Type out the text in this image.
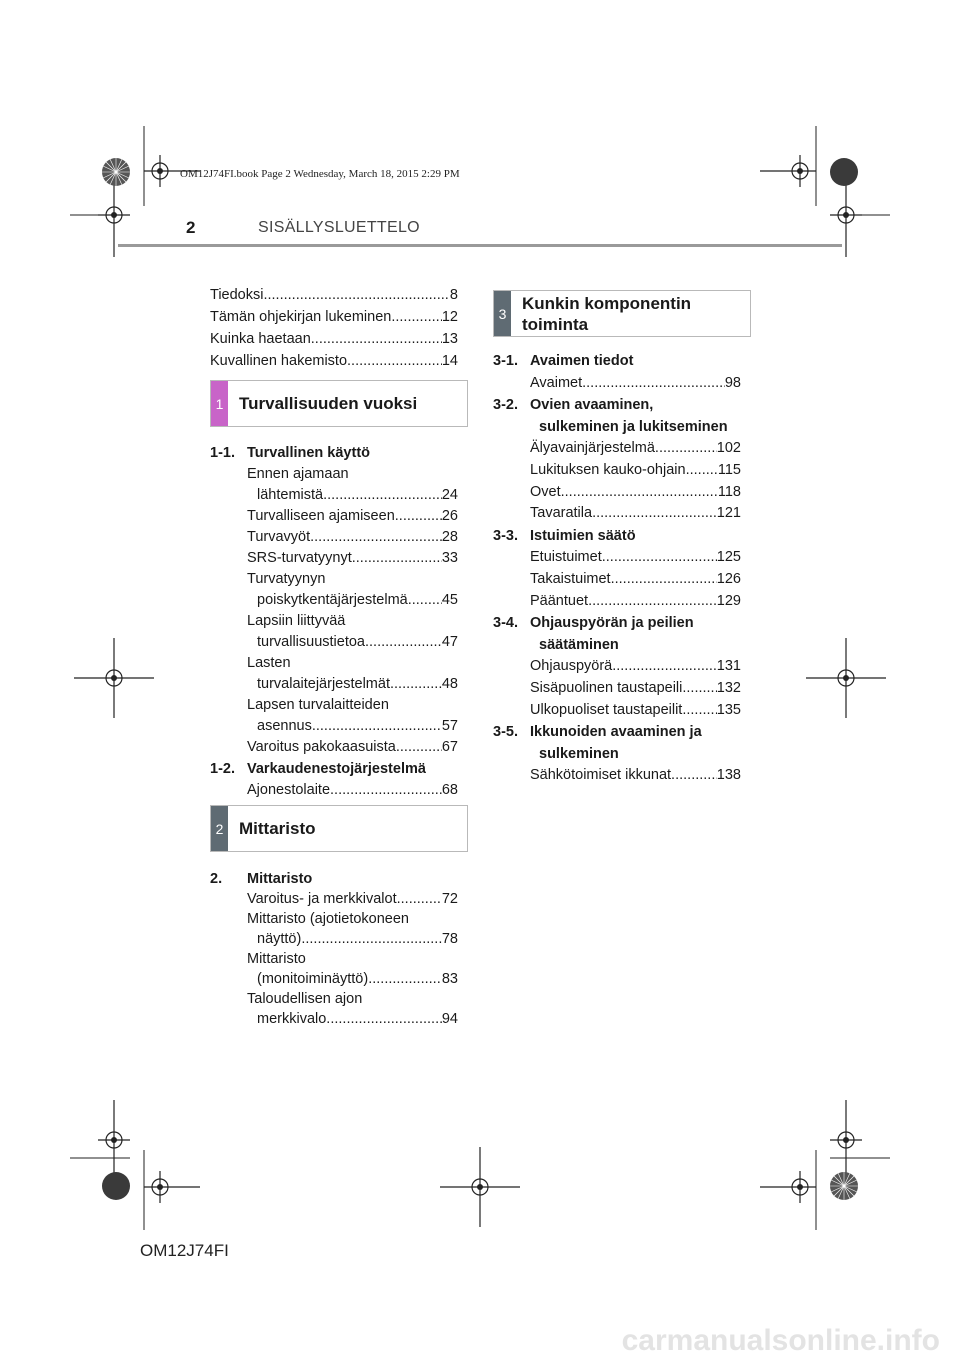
OM12J74FI.book Page 2 Wednesday, March 18, 2015 2:29 PM
2	SISÄLLYSLUETTELO
Tiedoksi .....	8
Tämän ohjekirjan lukeminen .....	12
Kuinka haetaan .....	13
Kuvallinen hakemisto .....	14
1 Turvallisuuden vuoksi
1-1. Turvallinen käyttö
Ennen ajamaan
lähtemistä .....	24
Turvalliseen ajamiseen .....	26
Turvavyöt .....	28
SRS-turvatyynyt .....	33
Turvatyynyn
poiskytkentäjärjestelmä ..... 45
Lapsiin liittyvää
turvallisuustietoa .....	47
Lasten
turvalaitejärjestelmät .....	48
Lapsen turvalaitteiden
asennus .....	57
Varoitus pakokaasuista .....	67
1-2. Varkaudenestojärjestelmä
Ajonestolaite .....	68
2 Mittaristo
2.	Mittaristo
Varoitus- ja merkkivalot .....	72
Mittaristo (ajotietokoneen
näyttö) .....	78
Mittaristo
(monitoiminäyttö) .....	83
Taloudellisen ajon
merkkivalo .....	94
3
Kunkin komponentin
toiminta
3-1. Avaimen tiedot
Avaimet .....	98
3-2. Ovien avaaminen,
sulkeminen ja lukitseminen
Älyavainjärjestelmä .....	102
Lukituksen kauko-ohjain ..... 115
Ovet .....	118
Tavaratila .....	121
3-3. Istuimien säätö
Etuistuimet .....	125
Takaistuimet .....	126
Pääntuet .....	129
3-4. Ohjauspyörän ja peilien
säätäminen
Ohjauspyörä .....	131
Sisäpuolinen taustapeili ..... 132
Ulkopuoliset taustapeilit ..... 135
3-5. Ikkunoiden avaaminen ja
sulkeminen
Sähkötoimiset ikkunat .....	138
OM12J74FI
carmanualsonline.info
